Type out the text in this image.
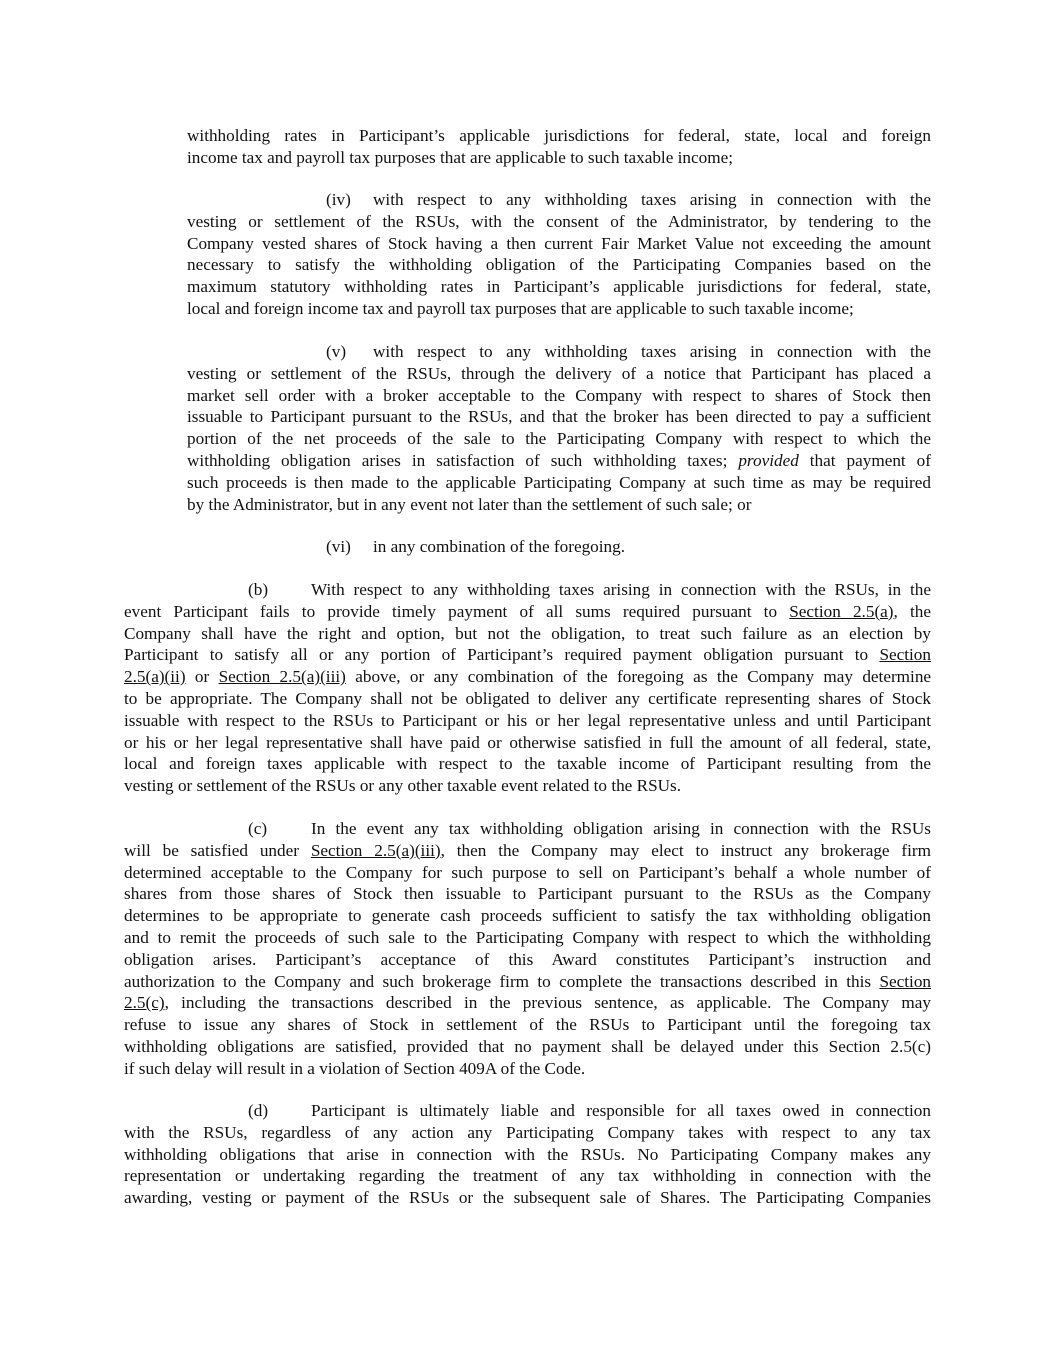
withholding rates in Participant’s applicable jurisdictions for federal, state, local and foreign
income tax and payroll tax purposes that are applicable to such taxable income;

(iv) with respect to any withholding taxes arising in connection with the
vesting or settlement of the RSUs, with the consent of the Administrator, by tendering to the
Company vested shares of Stock having a then current Fair Market Value not exceeding the amount
necessary to satisfy the withholding obligation of the Participating Companies based on the
maximum statutory withholding rates in Participant’s applicable jurisdictions for federal, state,
local and foreign income tax and payroll tax purposes that are applicable to such taxable income;

(v) with respect to any withholding taxes arising in connection with the
vesting or settlement of the RSUs, through the delivery of a notice that Participant has placed a
market sell order with a broker acceptable to the Company with respect to shares of Stock then
issuable to Participant pursuant to the RSUs, and that the broker has been directed to pay a sufficient
portion of the net proceeds of the sale to the Participating Company with respect to which the
withholding obligation arises in satisfaction of such withholding taxes; provided that payment of
such proceeds is then made to the applicable Participating Company at such time as may be required
by the Administrator, but in any event not later than the settlement of such sale; or

(vi) in any combination of the foregoing.

(b) With respect to any withholding taxes arising in connection with the RSUs, in the
event Participant fails to provide timely payment of all sums required pursuant to Section 2.5(a), the
Company shall have the right and option, but not the obligation, to treat such failure as an election by
Participant to satisfy all or any portion of Participant’s required payment obligation pursuant to Section
2.5(a)(ii) or Section 2.5(a)(iii) above, or any combination of the foregoing as the Company may determine
to be appropriate. The Company shall not be obligated to deliver any certificate representing shares of Stock
issuable with respect to the RSUs to Participant or his or her legal representative unless and until Participant
or his or her legal representative shall have paid or otherwise satisfied in full the amount of all federal, state,
local and foreign taxes applicable with respect to the taxable income of Participant resulting from the
vesting or settlement of the RSUs or any other taxable event related to the RSUs.

(c)	In the event any tax withholding obligation arising in connection with the RSUs
will be satisfied under Section 2.5(a)(iii), then the Company may elect to instruct any brokerage firm
determined acceptable to the Company for such purpose to sell on Participant’s behalf a whole number of
shares from those shares of Stock then issuable to Participant pursuant to the RSUs as the Company
determines to be appropriate to generate cash proceeds sufficient to satisfy the tax withholding obligation
and to remit the proceeds of such sale to the Participating Company with respect to which the withholding
obligation arises. Participant’s acceptance of this Award constitutes Participant’s instruction and
authorization to the Company and such brokerage firm to complete the transactions described in this Section
2.5(c), including the transactions described in the previous sentence, as applicable. The Company may
refuse to issue any shares of Stock in settlement of the RSUs to Participant until the foregoing tax
withholding obligations are satisfied, provided that no payment shall be delayed under this Section 2.5(c)
if such delay will result in a violation of Section 409A of the Code.

(d) Participant is ultimately liable and responsible for all taxes owed in connection
with the RSUs, regardless of any action any Participating Company takes with respect to any tax
withholding obligations that arise in connection with the RSUs. No Participating Company makes any
representation or undertaking regarding the treatment of any tax withholding in connection with the
awarding, vesting or payment of the RSUs or the subsequent sale of Shares. The Participating Companies
